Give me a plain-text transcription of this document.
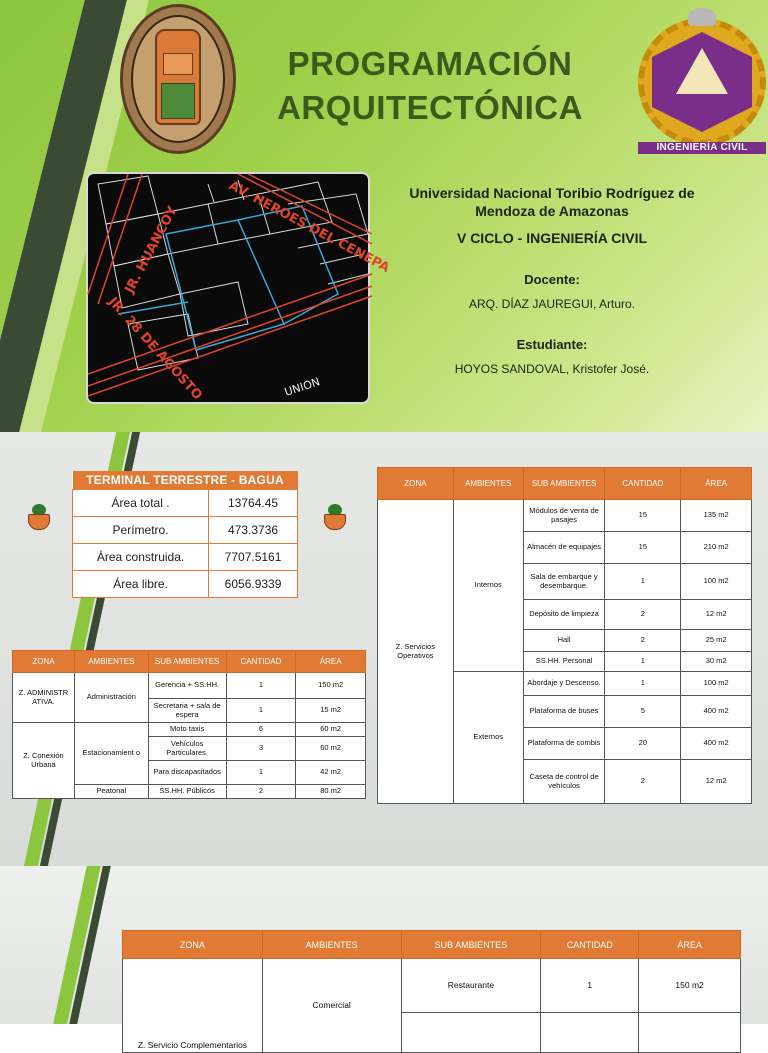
PROGRAMACIÓN
ARQUITECTÓNICA
INGENIERÍA CIVIL
JR. HUANCOY	AV. HEROES DEL CENEPA
JR. 28 DE AGOSTO	UNION
Universidad Nacional Toribio Rodríguez de Mendoza de Amazonas
V CICLO - INGENIERÍA CIVIL
Docente:
ARQ. DÍAZ JAUREGUI, Arturo.
Estudiante:
HOYOS SANDOVAL, Kristofer José.
TERMINAL TERRESTRE - BAGUA	
Área total .	13764.45
Perímetro.	473.3736
Área construida.	7707.5161
Área libre.	6056.9339
ZONA	AMBIENTES	SUB AMBIENTES	CANTIDAD	ÁREA
Z. ADMINISTR ATIVA.	Administración	Gerencia + SS.HH.	1	150 m2
		Secretaria + sala de espera	1	15 m2
Z. Conexión Urbana	Estacionamient o	Moto taxis	6	60 m2
		Vehículos Particulares.	3	60 m2
		Para discapacitados	1	42 m2
	Peatonal	SS.HH. Públicos	2	80 m2
ZONA	AMBIENTES	SUB AMBIENTES	CANTIDAD	ÁREA
Z. Servicios Operativos	Internos	Módulos de venta de pasajes	15	135 m2
		Almacén de equipajes	15	210 m2
		Sala de embarque y desembarque.	1	100 m2
		Depósito de limpieza	2	12 m2
		Hall	2	25 m2
		SS.HH. Personal	1	30 m2
	Externos	Abordaje y Descenso.	1	100 m2
		Plataforma de buses	5	400 m2
		Plataforma de combis	20	400 m2
		Caseta de control de vehículos	2	12 m2
ZONA	AMBIENTES	SUB AMBIENTES	CANTIDAD	ÁREA
Z. Servicio Complementarios	Comercial	Restaurante	1	150 m2
